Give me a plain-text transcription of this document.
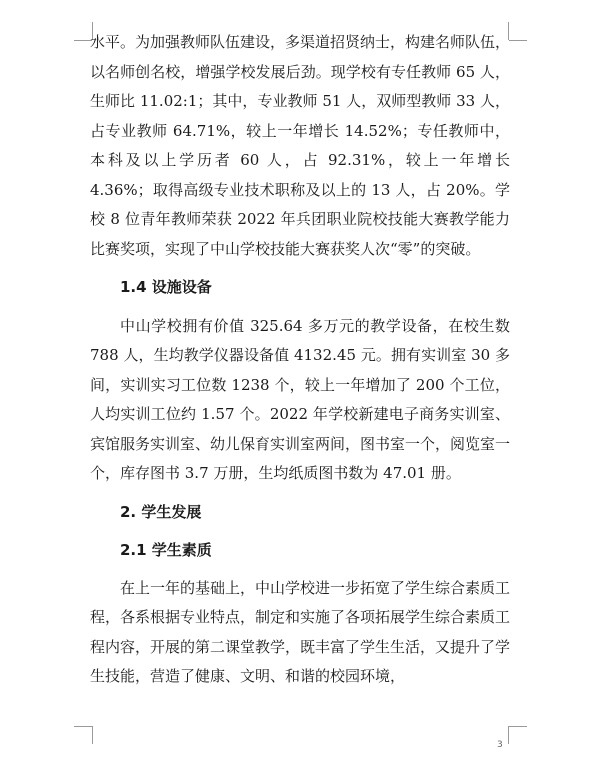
水平。为加强教师队伍建设，多渠道招贤纳士，构建名师队伍，以名师创名校，增强学校发展后劲。现学校有专任教师 65 人，生师比 11.02:1；其中，专业教师 51 人，双师型教师 33 人，占专业教师 64.71%，较上一年增长 14.52%；专任教师中，本科及以上学历者 60 人，占 92.31%，较上一年增长 4.36%；取得高级专业技术职称及以上的 13 人，占 20%。学校 8 位青年教师荣获 2022 年兵团职业院校技能大赛教学能力比赛奖项，实现了中山学校技能大赛获奖人次“零”的突破。

1.4 设施设备

中山学校拥有价值 325.64 多万元的教学设备，在校生数 788 人，生均教学仪器设备值 4132.45 元。拥有实训室 30 多间，实训实习工位数 1238 个，较上一年增加了 200 个工位，人均实训工位约 1.57 个。2022 年学校新建电子商务实训室、宾馆服务实训室、幼儿保育实训室两间，图书室一个，阅览室一个，库存图书 3.7 万册，生均纸质图书数为 47.01 册。

2. 学生发展

2.1 学生素质

在上一年的基础上，中山学校进一步拓宽了学生综合素质工程，各系根据专业特点，制定和实施了各项拓展学生综合素质工程内容，开展的第二课堂教学，既丰富了学生生活，又提升了学生技能，营造了健康、文明、和谐的校园环境，

3
